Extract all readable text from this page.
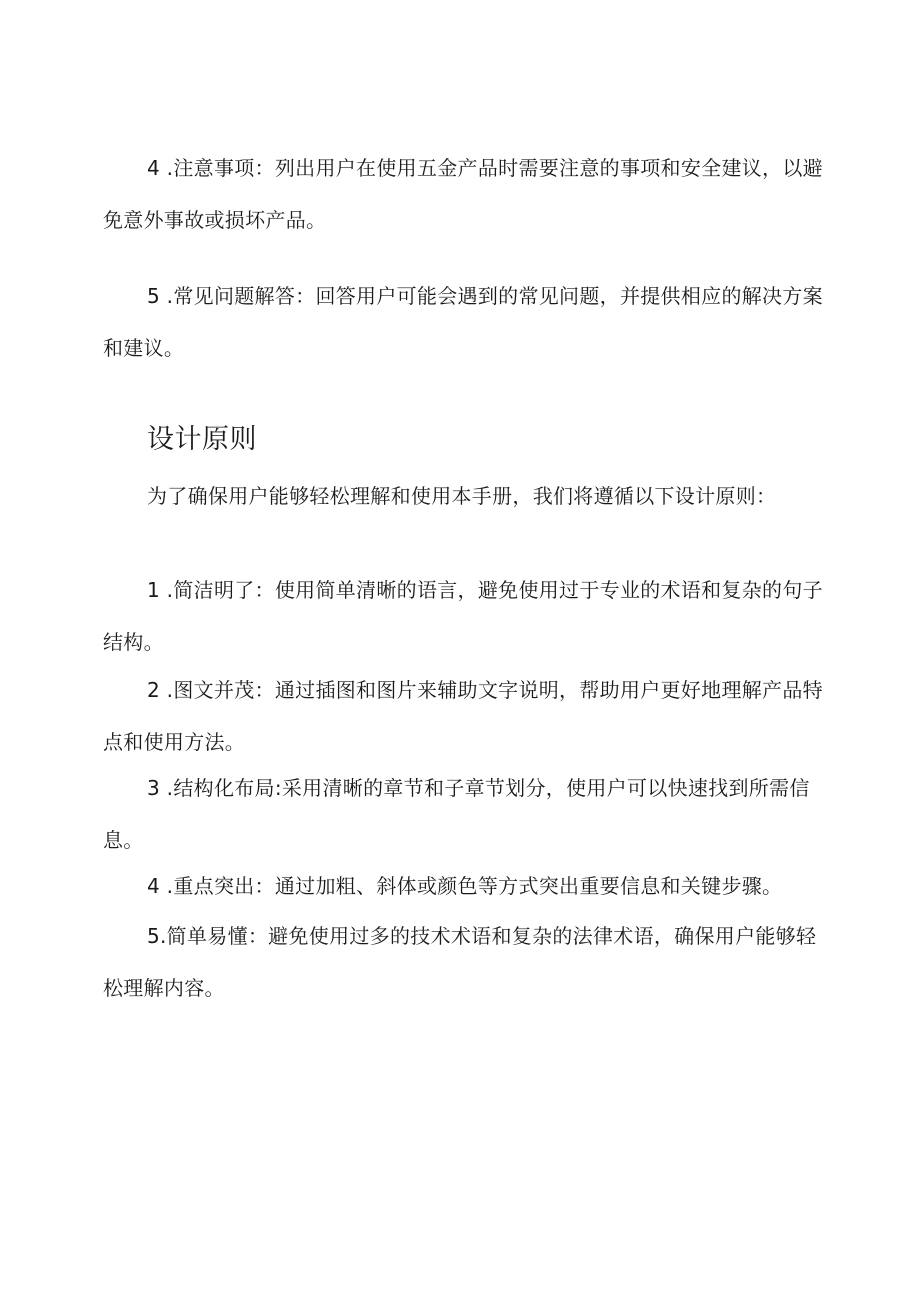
4 .注意事项：列出用户在使用五金产品时需要注意的事项和安全建议，以避免意外事故或损坏产品。

5 .常见问题解答：回答用户可能会遇到的常见问题，并提供相应的解决方案和建议。

设计原则

为了确保用户能够轻松理解和使用本手册，我们将遵循以下设计原则：

1 .简洁明了：使用简单清晰的语言，避免使用过于专业的术语和复杂的句子结构。

2 .图文并茂：通过插图和图片来辅助文字说明，帮助用户更好地理解产品特点和使用方法。

3 .结构化布局:采用清晰的章节和子章节划分，使用户可以快速找到所需信息。

4 .重点突出：通过加粗、斜体或颜色等方式突出重要信息和关键步骤。

5.简单易懂：避免使用过多的技术术语和复杂的法律术语，确保用户能够轻松理解内容。
